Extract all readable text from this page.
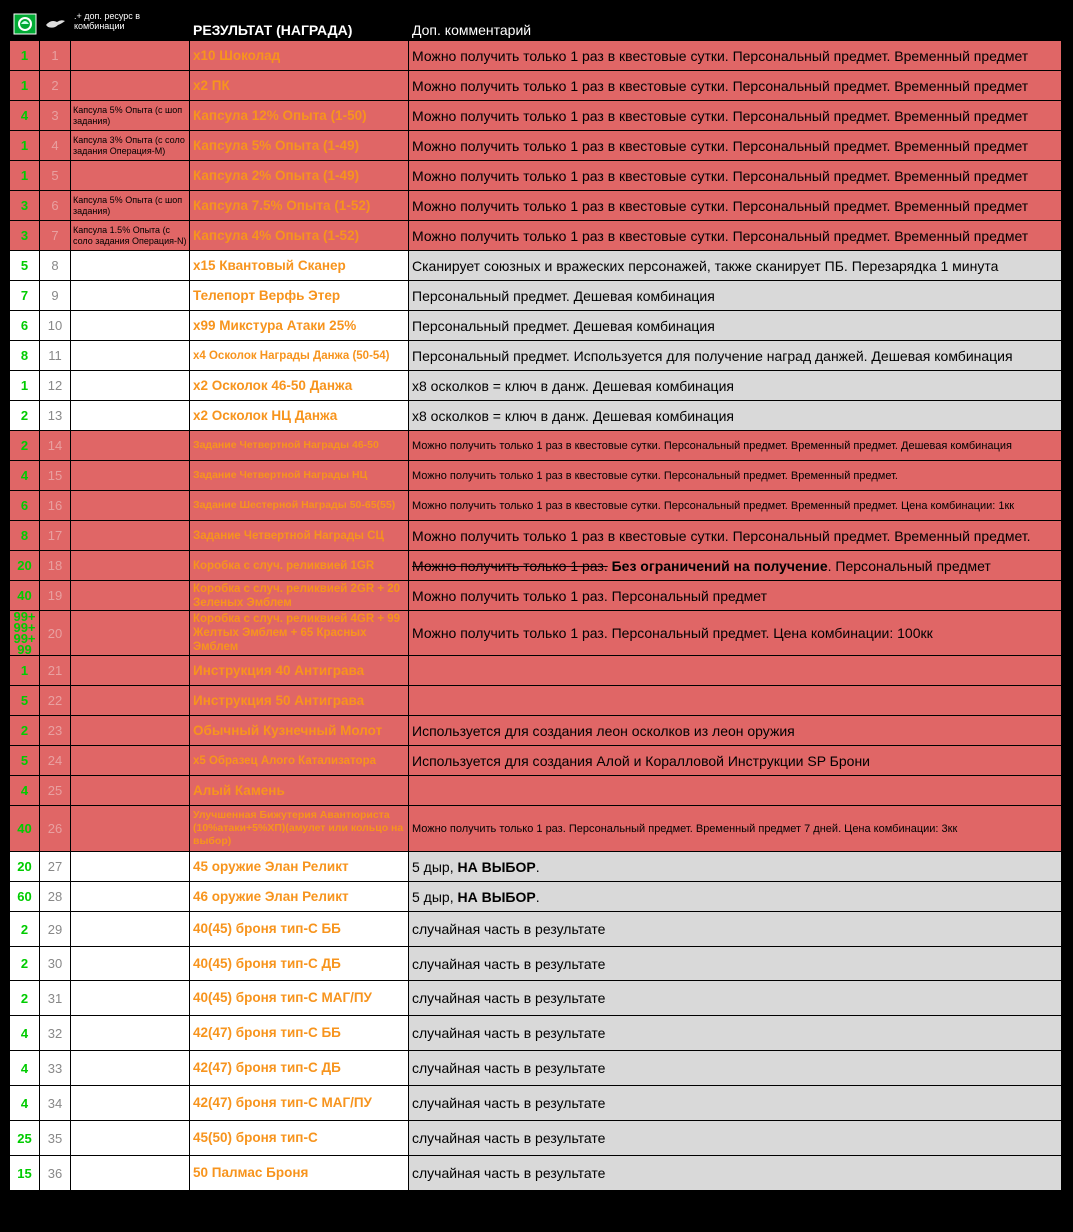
		.+ доп. ресурс в комбинации	РЕЗУЛЬТАТ (НАГРАДА)	Доп. комментарий
1	1		x10 Шоколад	Можно получить только 1 раз в квестовые сутки. Персональный предмет. Временный предмет
1	2		x2 ПК	Можно получить только 1 раз в квестовые сутки. Персональный предмет. Временный предмет
4	3	Капсула 5% Опыта (с шоп задания)	Капсула 12% Опыта (1-50)	Можно получить только 1 раз в квестовые сутки. Персональный предмет. Временный предмет
1	4	Капсула 3% Опыта (с соло задания Операция-M)	Капсула 5% Опыта (1-49)	Можно получить только 1 раз в квестовые сутки. Персональный предмет. Временный предмет
1	5		Капсула 2% Опыта (1-49)	Можно получить только 1 раз в квестовые сутки. Персональный предмет. Временный предмет
3	6	Капсула 5% Опыта (с шоп задания)	Капсула 7.5% Опыта (1-52)	Можно получить только 1 раз в квестовые сутки. Персональный предмет. Временный предмет
3	7	Капсула 1.5% Опыта (с соло задания Операция-N)	Капсула 4% Опыта (1-52)	Можно получить только 1 раз в квестовые сутки. Персональный предмет. Временный предмет
5	8		x15 Квантовый Сканер	Сканирует союзных и вражеских персонажей, также сканирует ПБ. Перезарядка 1 минута
7	9		Телепорт Верфь Этер	Персональный предмет. Дешевая комбинация
6	10		x99 Микстура Атаки 25%	Персональный предмет. Дешевая комбинация
8	11		x4 Осколок Награды Данжа (50-54)	Персональный предмет. Используется для получение наград данжей. Дешевая комбинация
1	12		x2 Осколок 46-50 Данжа	x8 осколков = ключ в данж. Дешевая комбинация
2	13		x2 Осколок НЦ Данжа	x8 осколков = ключ в данж. Дешевая комбинация
2	14		Задание Четвертной Награды 46-50	Можно получить только 1 раз в квестовые сутки. Персональный предмет. Временный предмет. Дешевая комбинация
4	15		Задание Четвертной Награды НЦ	Можно получить только 1 раз в квестовые сутки. Персональный предмет. Временный предмет.
6	16		Задание Шестерной Награды 50-65(55)	Можно получить только 1 раз в квестовые сутки. Персональный предмет. Временный предмет. Цена комбинации: 1кк
8	17		Задание Четвертной Награды СЦ	Можно получить только 1 раз в квестовые сутки. Персональный предмет. Временный предмет.
20	18		Коробка с случ. реликвией 1GR	Можно получить только 1 раз. Без ограничений на получение. Персональный предмет
40	19		Коробка с случ. реликвией 2GR + 20 Зеленых Эмблем	Можно получить только 1 раз. Персональный предмет
99+ 99+ 99+ 99	20		Коробка с случ. реликвией 4GR + 99 Желтых Эмблем + 65 Красных Эмблем	Можно получить только 1 раз. Персональный предмет. Цена комбинации: 100кк
1	21		Инструкция 40 Антиграва	
5	22		Инструкция 50 Антиграва	
2	23		Обычный Кузнечный Молот	Используется для создания леон осколков из леон оружия
5	24		x5 Образец Алого Катализатора	Используется для создания Алой и Коралловой Инструкции SP Брони
4	25		Алый Камень	
40	26		Улучшенная Бижутерия Авантюриста (10%атаки+5%ХП)(амулет или кольцо на выбор)	Можно получить только 1 раз. Персональный предмет. Временный предмет 7 дней. Цена комбинации: 3кк
20	27		45 оружие Элан Реликт	5 дыр, НА ВЫБОР.
60	28		46 оружие Элан Реликт	5 дыр, НА ВЫБОР.
2	29		40(45) броня тип-С ББ	случайная часть в результате
2	30		40(45) броня тип-С ДБ	случайная часть в результате
2	31		40(45) броня тип-С МАГ/ПУ	случайная часть в результате
4	32		42(47) броня тип-С ББ	случайная часть в результате
4	33		42(47) броня тип-С ДБ	случайная часть в результате
4	34		42(47) броня тип-С МАГ/ПУ	случайная часть в результате
25	35		45(50) броня тип-С	случайная часть в результате
15	36		50 Палмас Броня	случайная часть в результате
